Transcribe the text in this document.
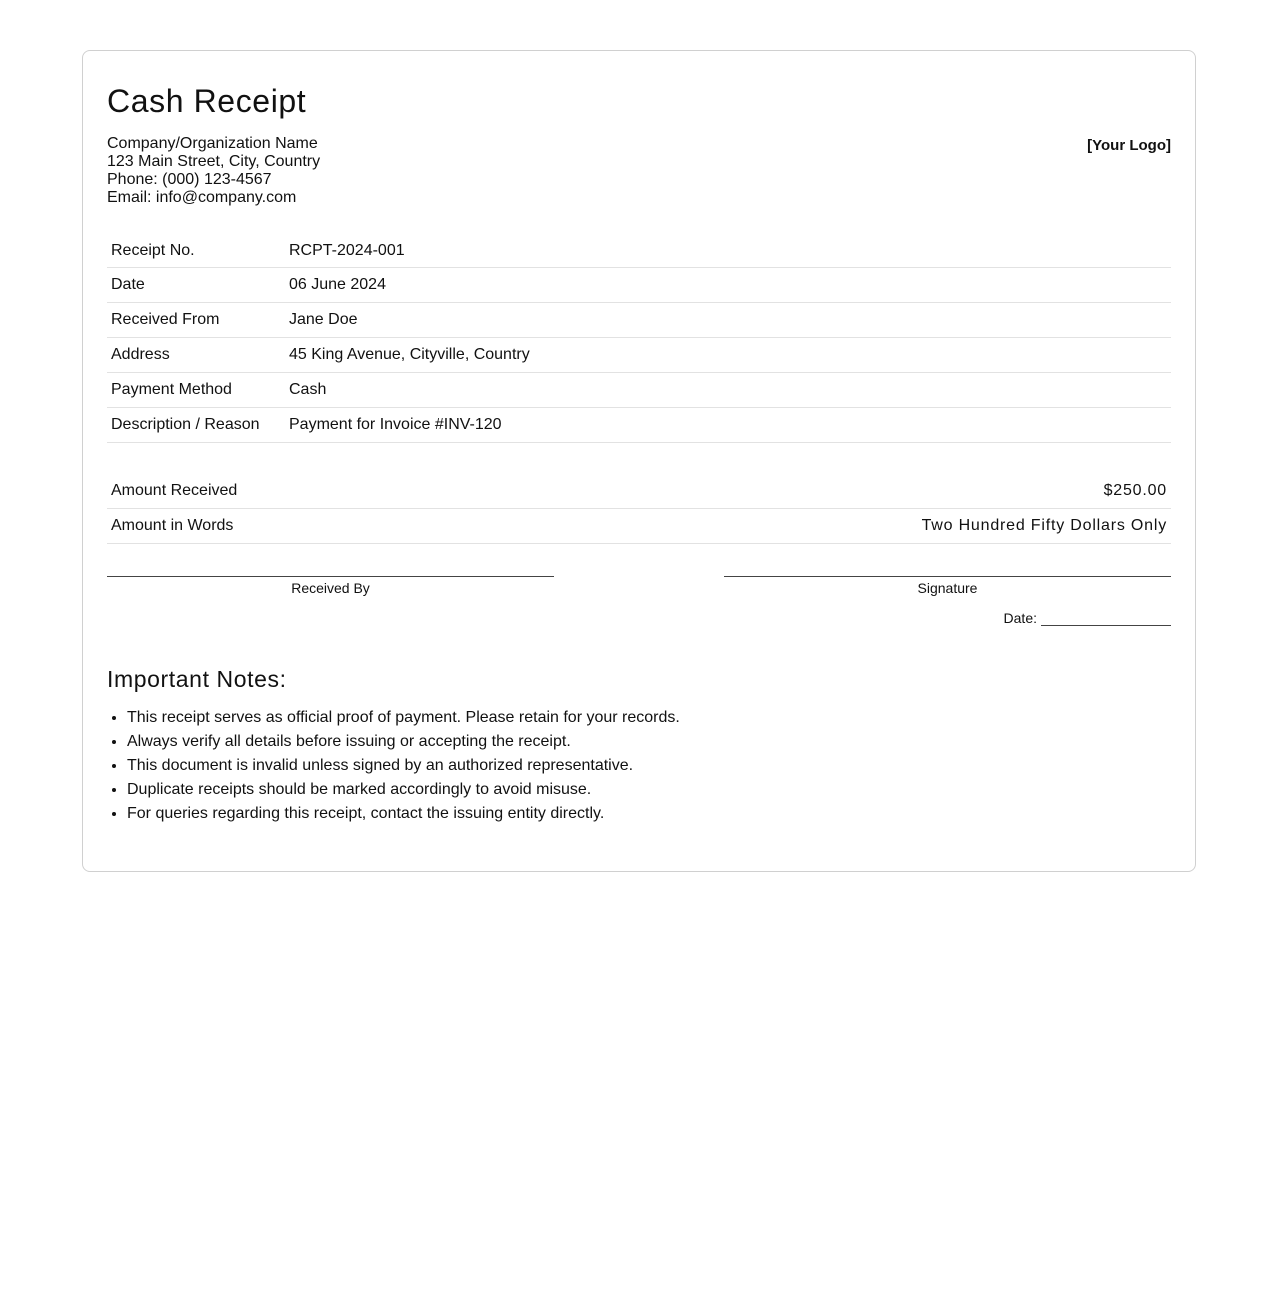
Cash Receipt
Company/Organization Name
123 Main Street, City, Country
Phone: (000) 123-4567
Email: info@company.com
[Your Logo]
Receipt No.	RCPT-2024-001
Date	06 June 2024
Received From	Jane Doe
Address	45 King Avenue, Cityville, Country
Payment Method	Cash
Description / Reason	Payment for Invoice #INV-120
Amount Received	$250.00
Amount in Words	Two Hundred Fifty Dollars Only
Received By	Signature
Date:
Important Notes:
• This receipt serves as official proof of payment. Please retain for your records.
• Always verify all details before issuing or accepting the receipt.
• This document is invalid unless signed by an authorized representative.
• Duplicate receipts should be marked accordingly to avoid misuse.
• For queries regarding this receipt, contact the issuing entity directly.
